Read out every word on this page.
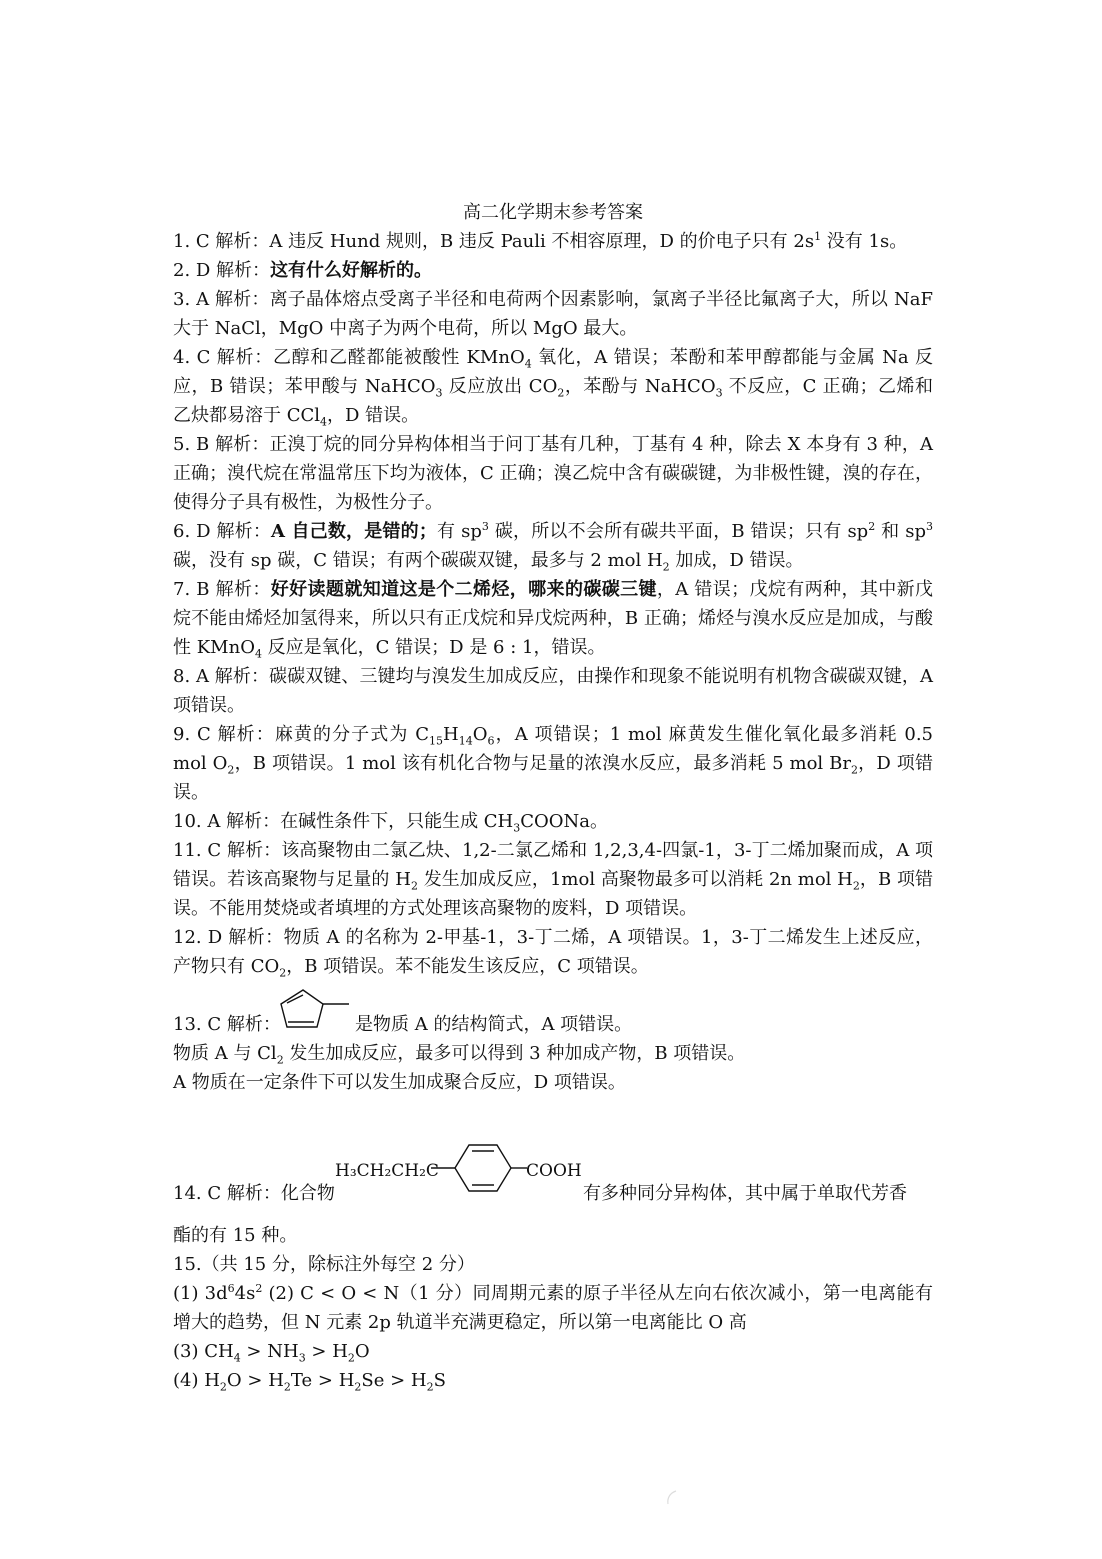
高二化学期末参考答案

1. C 解析：A 违反 Hund 规则，B 违反 Pauli 不相容原理，D 的价电子只有 $2s^1$ 没有 1s。

2. D 解析：这有什么好解析的。

3. A 解析：离子晶体熔点受离子半径和电荷两个因素影响，氯离子半径比氟离子大，所以 NaF 大于 NaCl，MgO 中离子为两个电荷，所以 MgO 最大。

4. C 解析：乙醇和乙醛都能被酸性 KMnO$_4$ 氧化，A 错误；苯酚和苯甲醇都能与金属 Na 反应，B 错误；苯甲酸与 NaHCO$_3$ 反应放出 $CO_2$，苯酚与 NaHCO$_3$ 不反应，C 正确；乙烯和乙炔都易溶于 CCl$_4$，D 错误。

5. B 解析：正溴丁烷的同分异构体相当于问丁基有几种，丁基有 4 种，除去 X 本身有 3 种，A 正确；溴代烷在常温常压下均为液体，C 正确；溴乙烷中含有碳碳键，为非极性键，溴的存在，使得分子具有极性，为极性分子。

6. D 解析：A 自己数，是错的；有 $sp^3$ 碳，所以不会所有碳共平面，B 错误；只有 $sp^2$ 和 $sp^3$ 碳，没有 sp 碳，C 错误；有两个碳碳双键，最多与 2 mol $H_2$ 加成，D 错误。

7. B 解析：好好读题就知道这是个二烯烃，哪来的碳碳三键，A 错误；戊烷有两种，其中新戊烷不能由烯烃加氢得来，所以只有正戊烷和异戊烷两种，B 正确；烯烃与溴水反应是加成，与酸性 KMnO$_4$ 反应是氧化，C 错误；D 是 6 : 1，错误。

8. A 解析：碳碳双键、三键均与溴发生加成反应，由操作和现象不能说明有机物含碳碳双键，A 项错误。

9. C 解析：麻黄的分子式为 $C_{15}H_{14}O_6$，A 项错误；1 mol 麻黄发生催化氧化最多消耗 0.5 mol $O_2$，B 项错误。1 mol 该有机化合物与足量的浓溴水反应，最多消耗 5 mol $Br_2$，D 项错误。

10. A 解析：在碱性条件下，只能生成 $CH_3COONa$。

11. C 解析：该高聚物由二氯乙炔、1,2-二氯乙烯和 1,2,3,4-四氯-1，3-丁二烯加聚而成，A 项错误。若该高聚物与足量的 $H_2$ 发生加成反应，1mol 高聚物最多可以消耗 2n mol $H_2$，B 项错误。不能用焚烧或者填埋的方式处理该高聚物的废料，D 项错误。

12. D 解析：物质 A 的名称为 2-甲基-1，3-丁二烯，A 项错误。1，3-丁二烯发生上述反应，产物只有 $CO_2$，B 项错误。苯不能发生该反应，C 项错误。

13. C 解析：	是物质 A 的结构简式，A 项错误。

物质 A 与 $Cl_2$ 发生加成反应，最多可以得到 3 种加成产物，B 项错误。

A 物质在一定条件下可以发生加成聚合反应，D 项错误。

14. C 解析：化合物
H₃CH₂CH₂C	COOH
有多种同分异构体，其中属于单取代芳香

酯的有 15 种。

15.（共 15 分，除标注外每空 2 分）

(1) $3d^64s^2$ (2) C < O < N（1 分）同周期元素的原子半径从左向右依次减小，第一电离能有增大的趋势，但 N 元素 2p 轨道半充满更稳定，所以第一电离能比 O 高

(3) $CH_4 > NH_3 > H_2O$

(4) $H_2O > H_2Te > H_2Se > H_2S$
